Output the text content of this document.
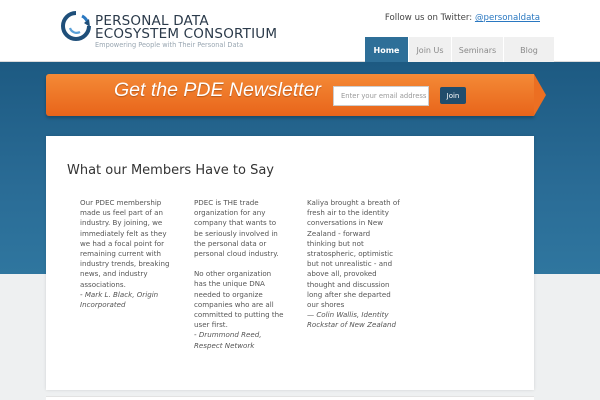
PERSONAL DATA
ECOSYSTEM CONSORTIUM
Empowering People with Their Personal Data
Follow us on Twitter: @personaldata
Home	Join Us	Seminars	Blog
Get the PDE Newsletter
Enter your email address	Join
What our Members Have to Say

Our PDEC membership
made us feel part of an
industry. By joining, we
immediately felt as they
we had a focal point for
remaining current with
industry trends, breaking
news, and industry
associations.

- Mark L. Black, Origin
Incorporated

PDEC is THE trade
organization for any
company that wants to
be seriously involved in
the personal data or
personal cloud industry.

No other organization
has the unique DNA
needed to organize
companies who are all
committed to putting the
user first.

- Drummond Reed,
Respect Network

Kaliya brought a breath of
fresh air to the identity
conversations in New
Zealand - forward
thinking but not
stratospheric, optimistic
but not unrealistic - and
above all, provoked
thought and discussion
long after she departed
our shores

— Colin Wallis, Identity
Rockstar of New Zealand
